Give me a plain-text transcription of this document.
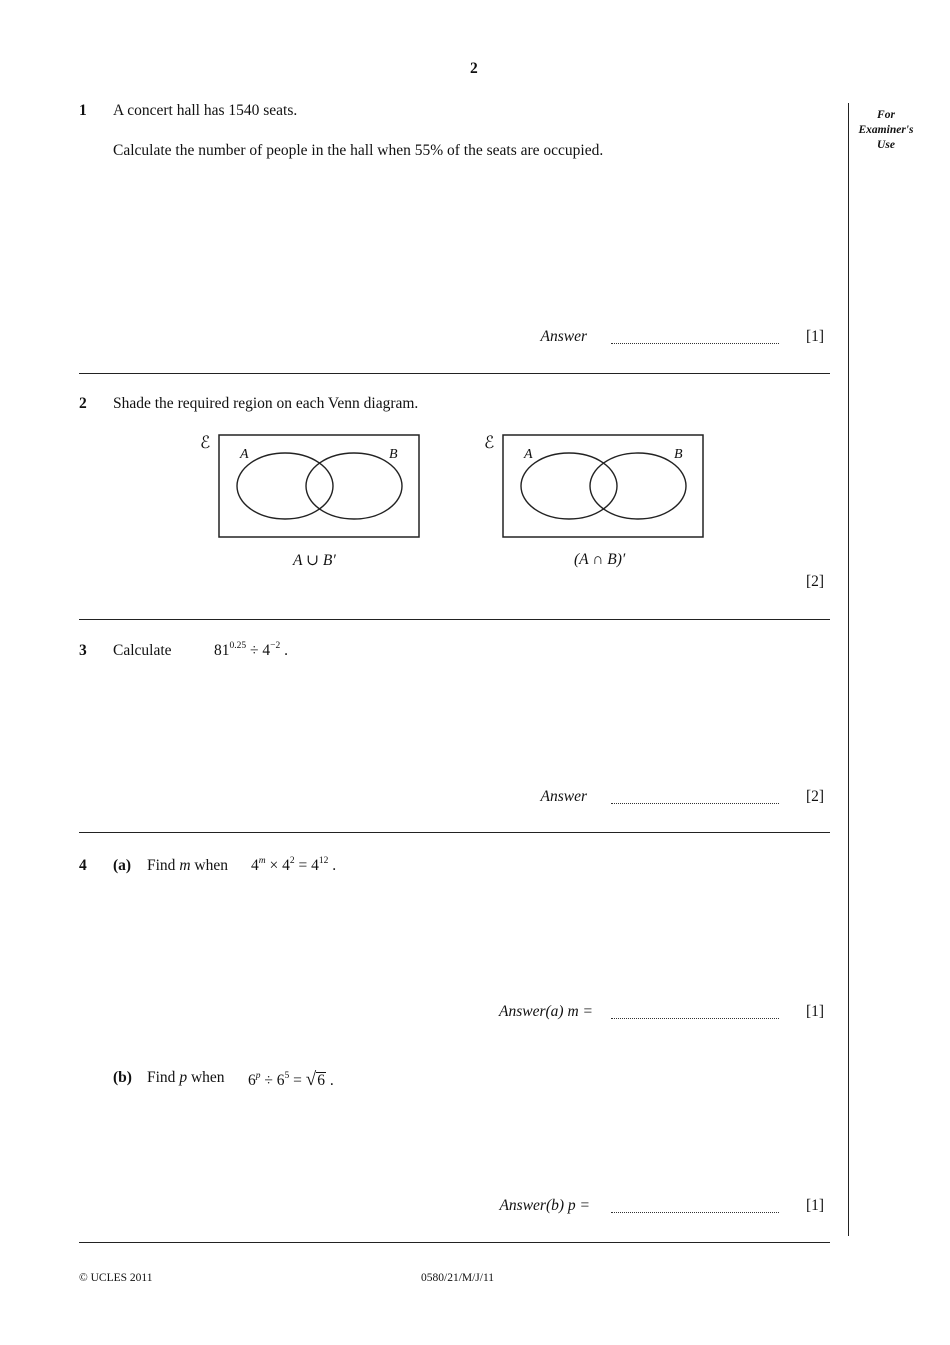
2
For
Examiner's
Use
1 A concert hall has 1540 seats.
Calculate the number of people in the hall when 55% of the seats are occupied.
Answer	[1]
2 Shade the required region on each Venn diagram.
ℰ
A	B
A ∪ B′
ℰ
A	B
(A ∩ B)′
[2]
3 Calculate	$81^{0.25} \div 4^{-2}$ .
Answer	[2]
4 (a) Find m when $4^m \times 4^2 = 4^{12}$ .
Answer(a) m =	[1]
(b) Find p when $6^p \div 6^5 = √6$ .
Answer(b) p =	[1]
© UCLES 2011	0580/21/M/J/11
